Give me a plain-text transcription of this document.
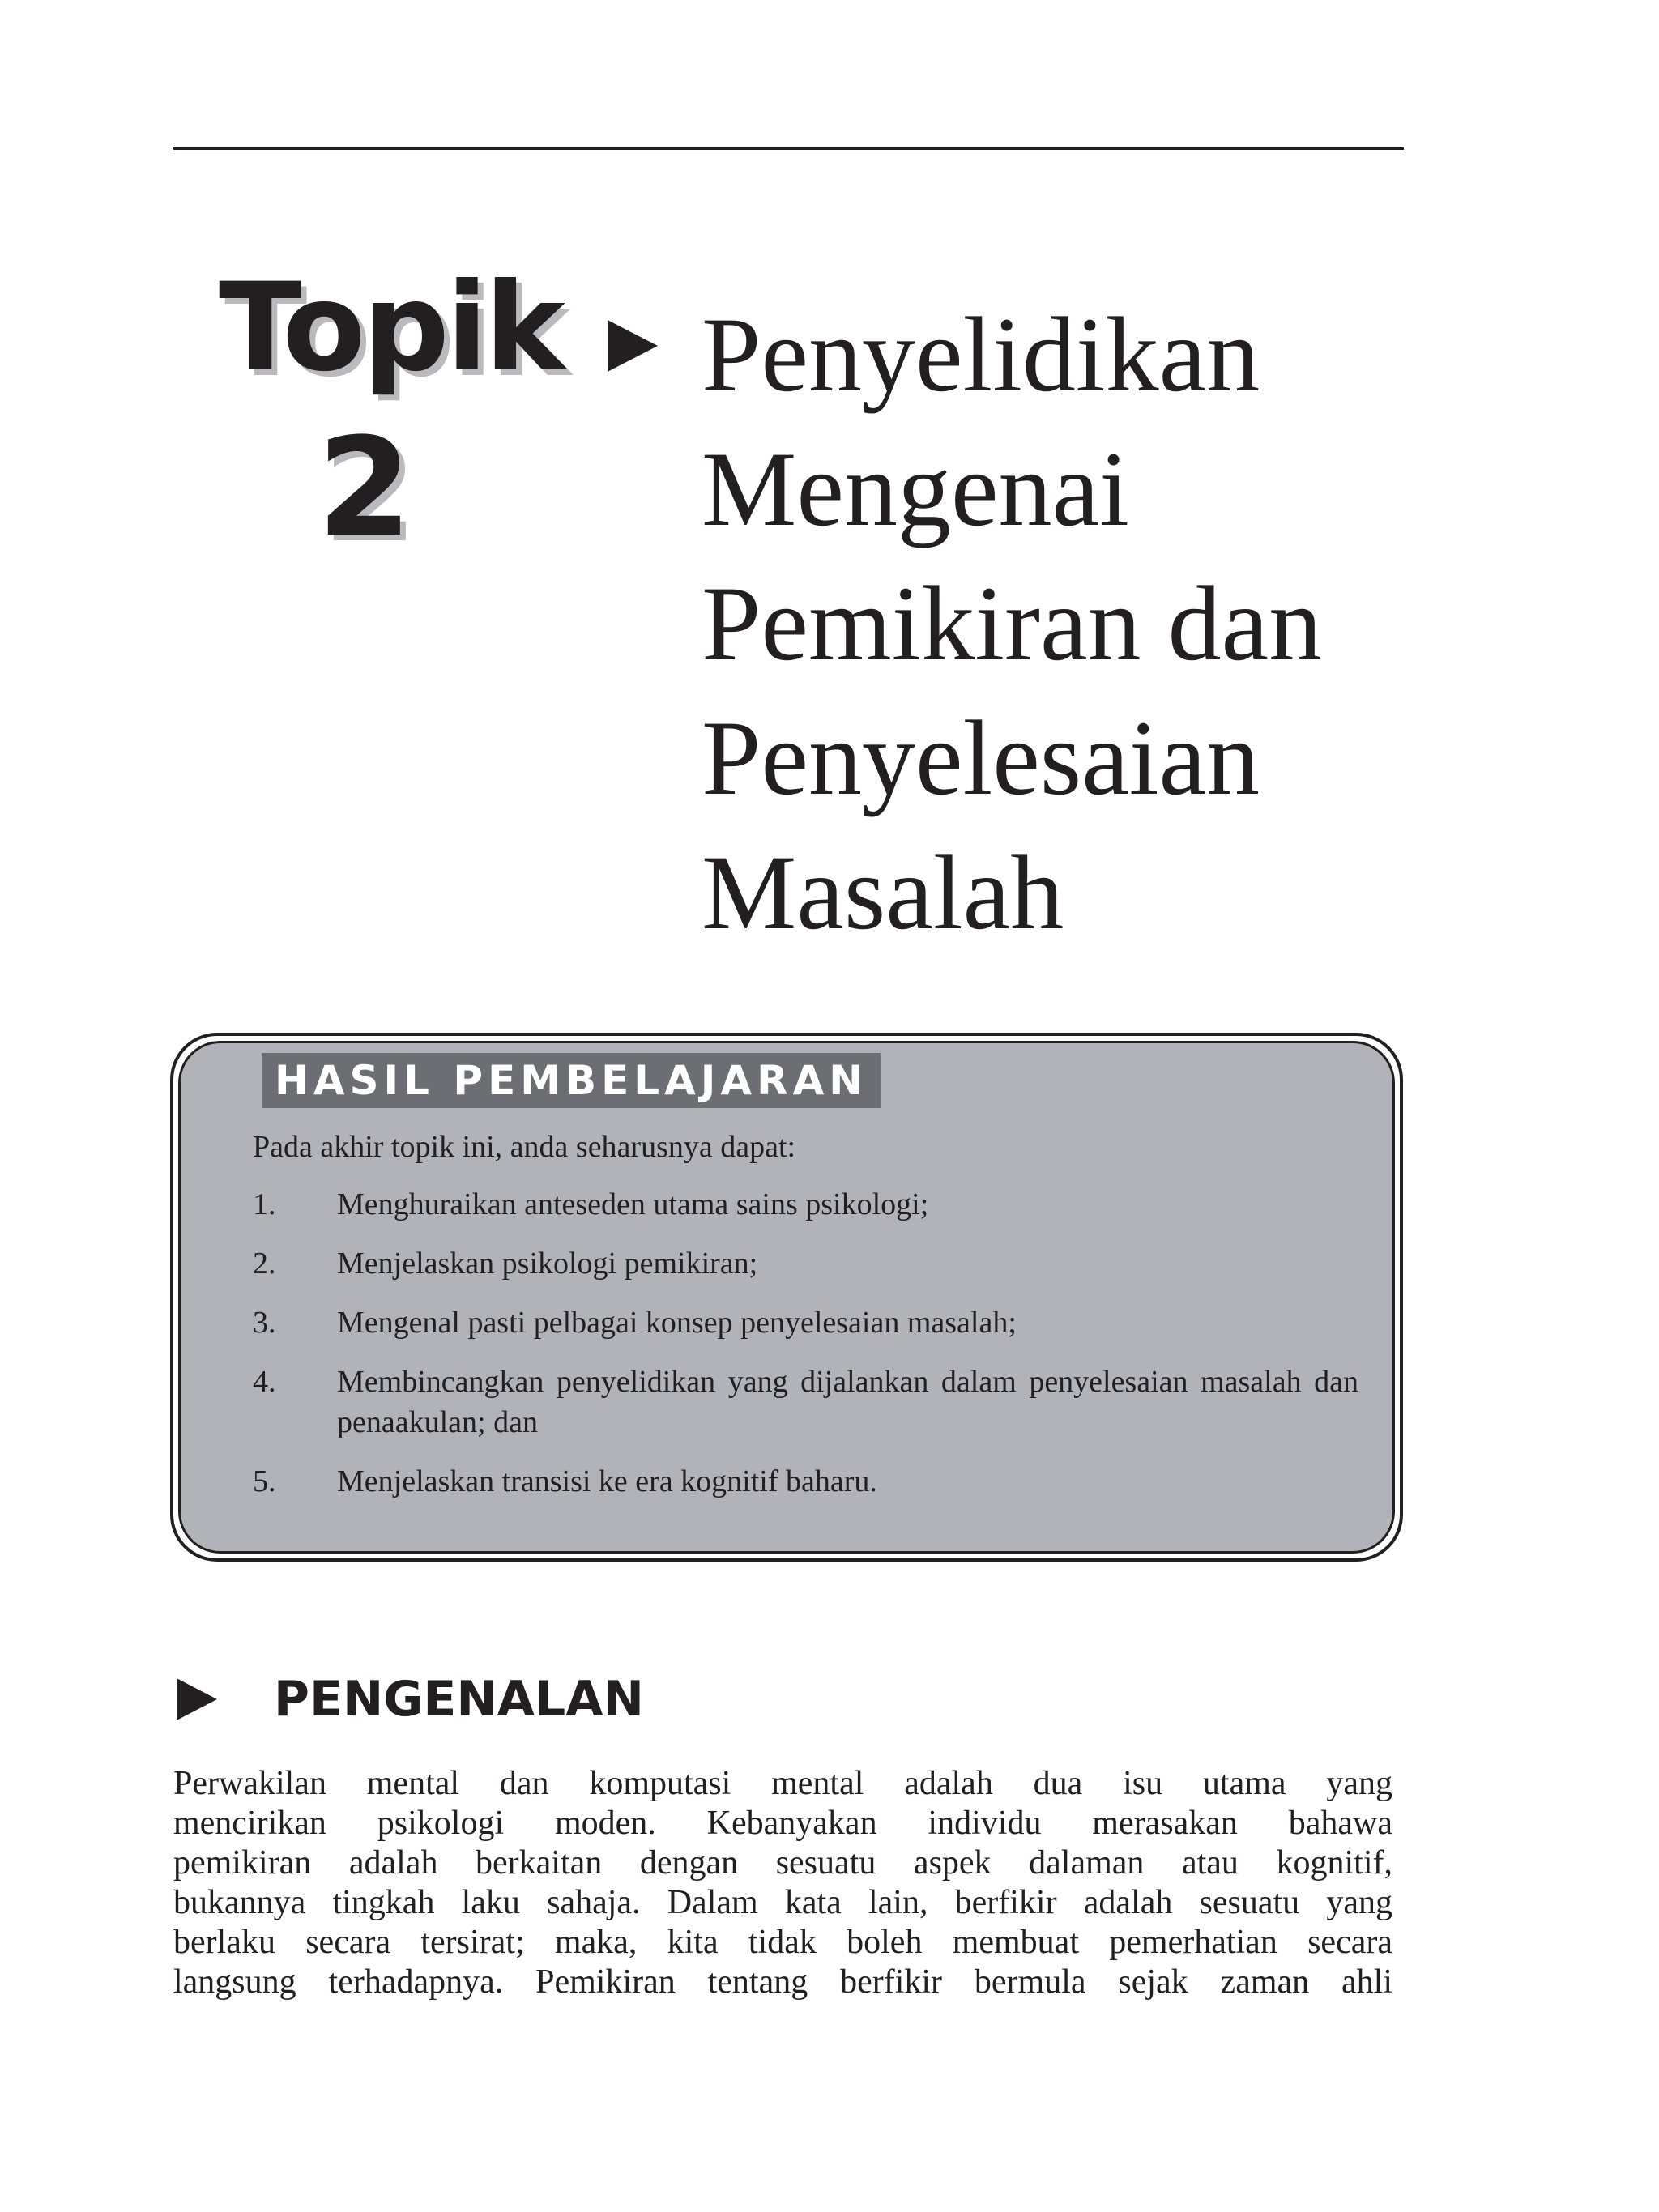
Topik
2
Penyelidikan
Mengenai
Pemikiran dan
Penyelesaian
Masalah
HASIL PEMBELAJARAN
Pada akhir topik ini, anda seharusnya dapat:
1.	Menghuraikan anteseden utama sains psikologi;
2.	Menjelaskan psikologi pemikiran;
3.	Mengenal pasti pelbagai konsep penyelesaian masalah;
4.	Membincangkan penyelidikan yang dijalankan dalam penyelesaian masalah dan penaakulan; dan
5.	Menjelaskan transisi ke era kognitif baharu.
PENGENALAN

Perwakilan mental dan komputasi mental adalah dua isu utama yang
mencirikan psikologi moden. Kebanyakan individu merasakan bahawa
pemikiran adalah berkaitan dengan sesuatu aspek dalaman atau kognitif,
bukannya tingkah laku sahaja. Dalam kata lain, berfikir adalah sesuatu yang
berlaku secara tersirat; maka, kita tidak boleh membuat pemerhatian secara
langsung terhadapnya. Pemikiran tentang berfikir bermula sejak zaman ahli
